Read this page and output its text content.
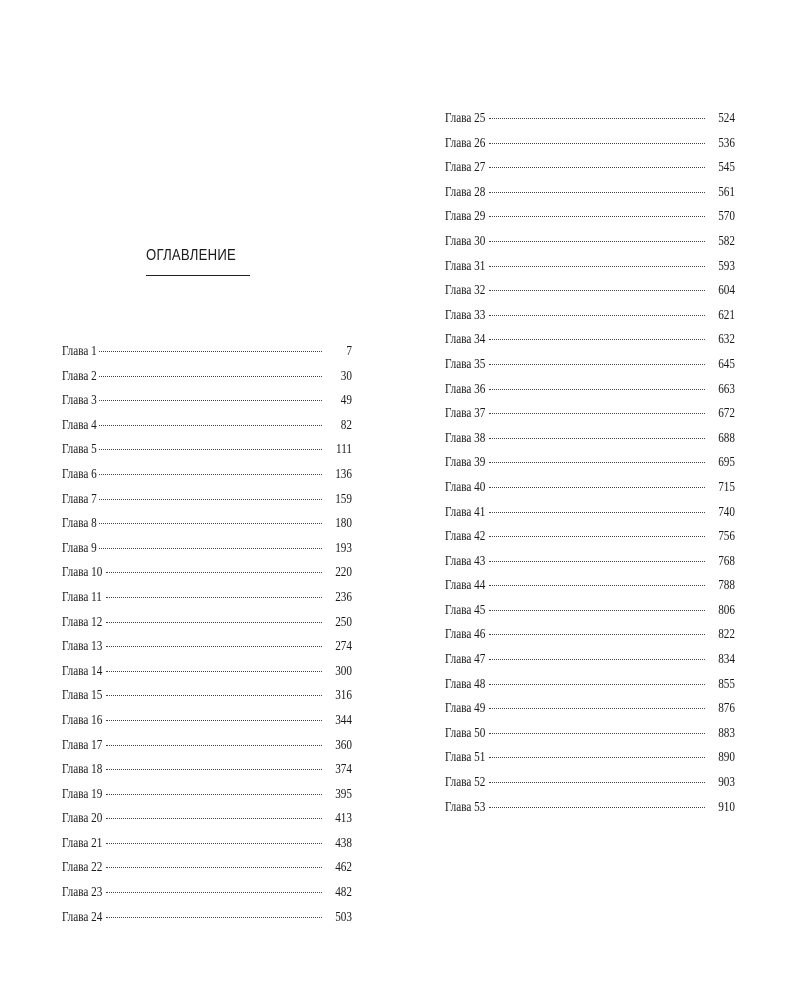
ОГЛАВЛЕНИЕ
Глава 1	7
Глава 2	30
Глава 3	49
Глава 4	82
Глава 5	111
Глава 6	136
Глава 7	159
Глава 8	180
Глава 9	193
Глава 10	220
Глава 11	236
Глава 12	250
Глава 13	274
Глава 14	300
Глава 15	316
Глава 16	344
Глава 17	360
Глава 18	374
Глава 19	395
Глава 20	413
Глава 21	438
Глава 22	462
Глава 23	482
Глава 24	503
Глава 25	524
Глава 26	536
Глава 27	545
Глава 28	561
Глава 29	570
Глава 30	582
Глава 31	593
Глава 32	604
Глава 33	621
Глава 34	632
Глава 35	645
Глава 36	663
Глава 37	672
Глава 38	688
Глава 39	695
Глава 40	715
Глава 41	740
Глава 42	756
Глава 43	768
Глава 44	788
Глава 45	806
Глава 46	822
Глава 47	834
Глава 48	855
Глава 49	876
Глава 50	883
Глава 51	890
Глава 52	903
Глава 53	910
